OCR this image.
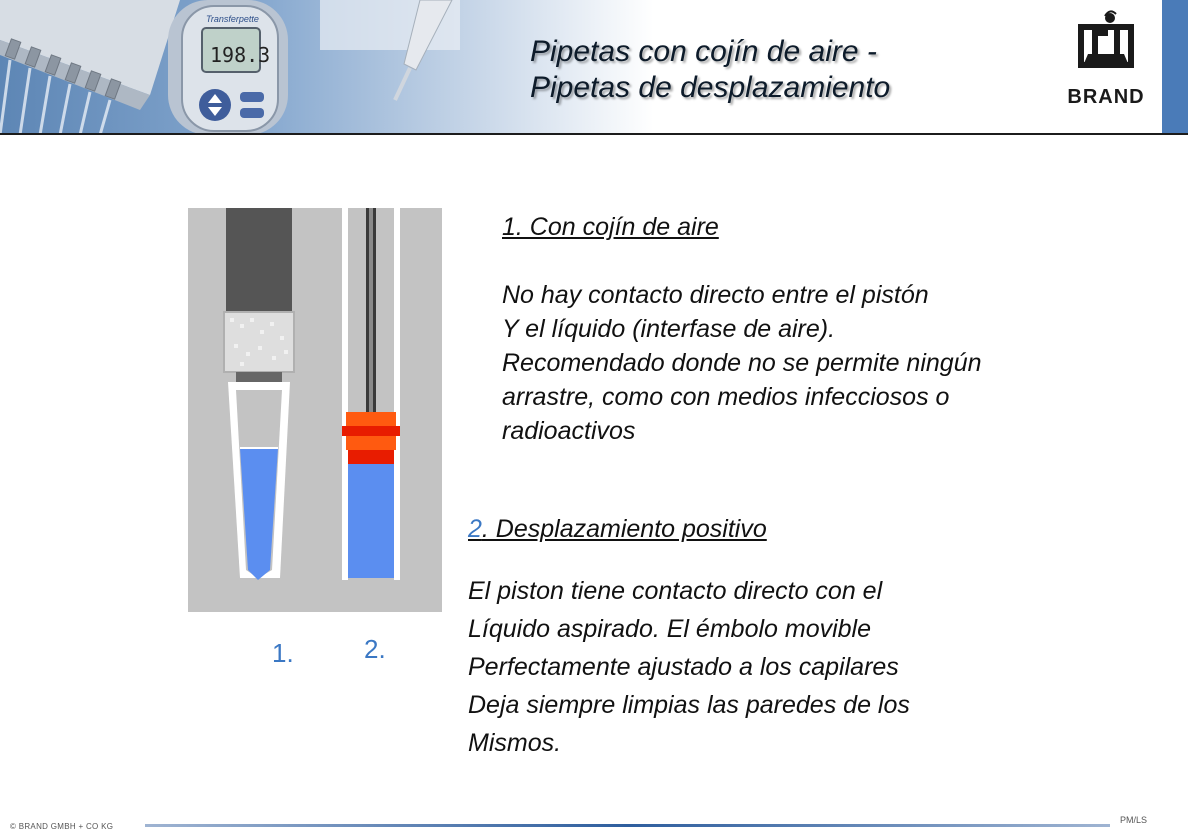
Transferpette
198.3	Pipetas con cojín de aire -
Pipetas de desplazamiento	BRAND
1.	2.
1. Con cojín de aire
No hay contacto directo entre el pistón
Y el líquido (interfase de aire).
Recomendado donde no se permite ningún
arrastre, como con medios infecciosos o
radioactivos
2. Desplazamiento positivo
El piston tiene contacto directo con el
Líquido aspirado. El émbolo movible
Perfectamente ajustado a los capilares
Deja siempre limpias las paredes de los
Mismos.
© BRAND GMBH + CO KG
PM/LS
